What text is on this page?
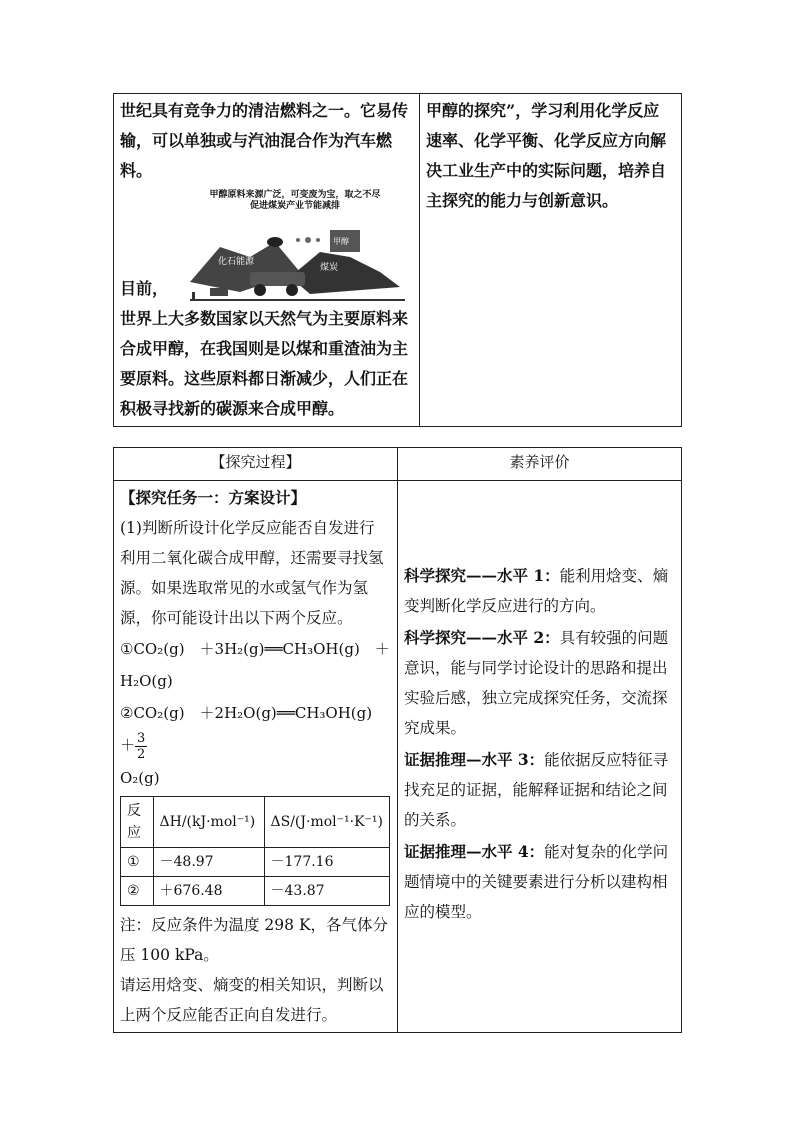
世纪具有竞争力的清洁燃料之一。它易传输，可以单独或与汽油混合作为汽车燃料。

甲醇原料来源广泛，可变废为宝，取之不尽
促进煤炭产业节能减排
化石能源
煤炭
甲醇

目前，

世界上大多数国家以天然气为主要原料来合成甲醇，在我国则是以煤和重渣油为主要原料。这些原料都日渐减少，人们正在积极寻找新的碳源来合成甲醇。

甲醇的探究”，学习利用化学反应速率、化学平衡、化学反应方向解决工业生产中的实际问题，培养自主探究的能力与创新意识。

【探究过程】	素养评价

【探究任务一：方案设计】

(1)判断所设计化学反应能否自发进行

利用二氧化碳合成甲醇，还需要寻找氢源。如果选取常见的水或氢气作为氢源，你可能设计出以下两个反应。

①CO₂(g)　＋3H₂(g)══CH₃OH(g)　＋

H₂O(g)

②CO₂(g)　＋2H₂O(g)══CH₃OH(g)　＋ $\frac{3}{2}$

O₂(g)

反应	ΔH/(kJ·mol⁻¹)	ΔS/(J·mol⁻¹·K⁻¹)
①	－48.97	－177.16
②	＋676.48	－43.87

注：反应条件为温度 298 K，各气体分压 100 kPa。

请运用焓变、熵变的相关知识，判断以上两个反应能否正向自发进行。

科学探究——水平 1：能利用焓变、熵变判断化学反应进行的方向。

科学探究——水平 2：具有较强的问题意识，能与同学讨论设计的思路和提出实验后感，独立完成探究任务，交流探究成果。

证据推理—水平 3：能依据反应特征寻找充足的证据，能解释证据和结论之间的关系。

证据推理—水平 4：能对复杂的化学问题情境中的关键要素进行分析以建构相应的模型。
